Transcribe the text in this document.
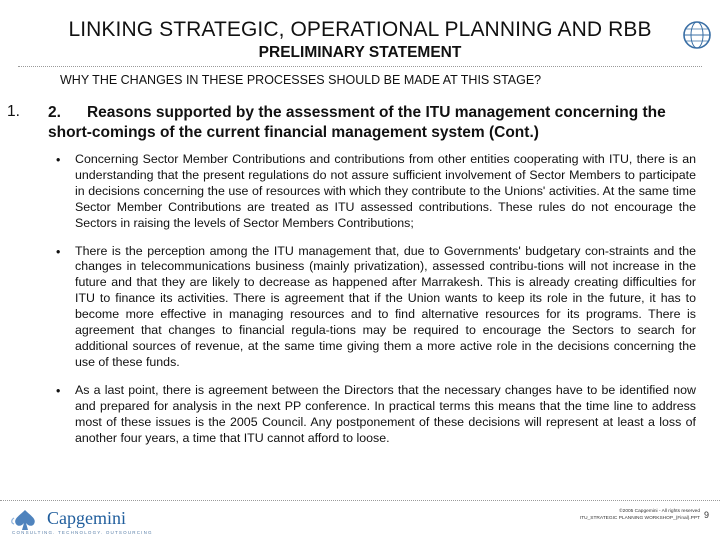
LINKING STRATEGIC, OPERATIONAL PLANNING AND RBB
PRELIMINARY STATEMENT
WHY THE CHANGES IN THESE PROCESSES SHOULD BE MADE AT THIS STAGE?
1. 2. Reasons supported by the assessment of the ITU management concerning the short-comings of the current financial management system (Cont.)
•	Concerning Sector Member Contributions and contributions from other entities cooperating with ITU, there is an understanding that the present regulations do not assure sufficient involvement of Sector Members to participate in decisions concerning the use of resources with which they contribute to the Unions' activities. At the same time Sector Member Contributions are treated as ITU assessed contributions. These rules do not encourage the Sectors in raising the levels of Sector Members Contributions;
•	There is the perception among the ITU management that, due to Governments' budgetary con-straints and the changes in telecommunications business (mainly privatization), assessed contribu-tions will not increase in the future and that they are likely to decrease as happened after Marrakesh. This is already creating difficulties for ITU to finance its activities. There is agreement that if the Union wants to keep its role in the future, it has to become more effective in managing resources and to find alternative resources for its programs. There is agreement that changes to financial regula-tions may be required to encourage the Sectors to search for additional sources of revenue, at the same time giving them a more active role in the decisions concerning the use of these funds.
•	As a last point, there is agreement between the Directors that the necessary changes have to be identified now and prepared for analysis in the next PP conference. In practical terms this means that the time line to address most of these issues is the 2005 Council. Any postponement of these decisions will represent at least a loss of another four years, a time that ITU cannot afford to loose.
Capgemini
CONSULTING. TECHNOLOGY. OUTSOURCING
©2005 Capgemini - All rights reserved
ITU_STRATEGIC PLANNING WORKSHOP_(Final).PPT 9
